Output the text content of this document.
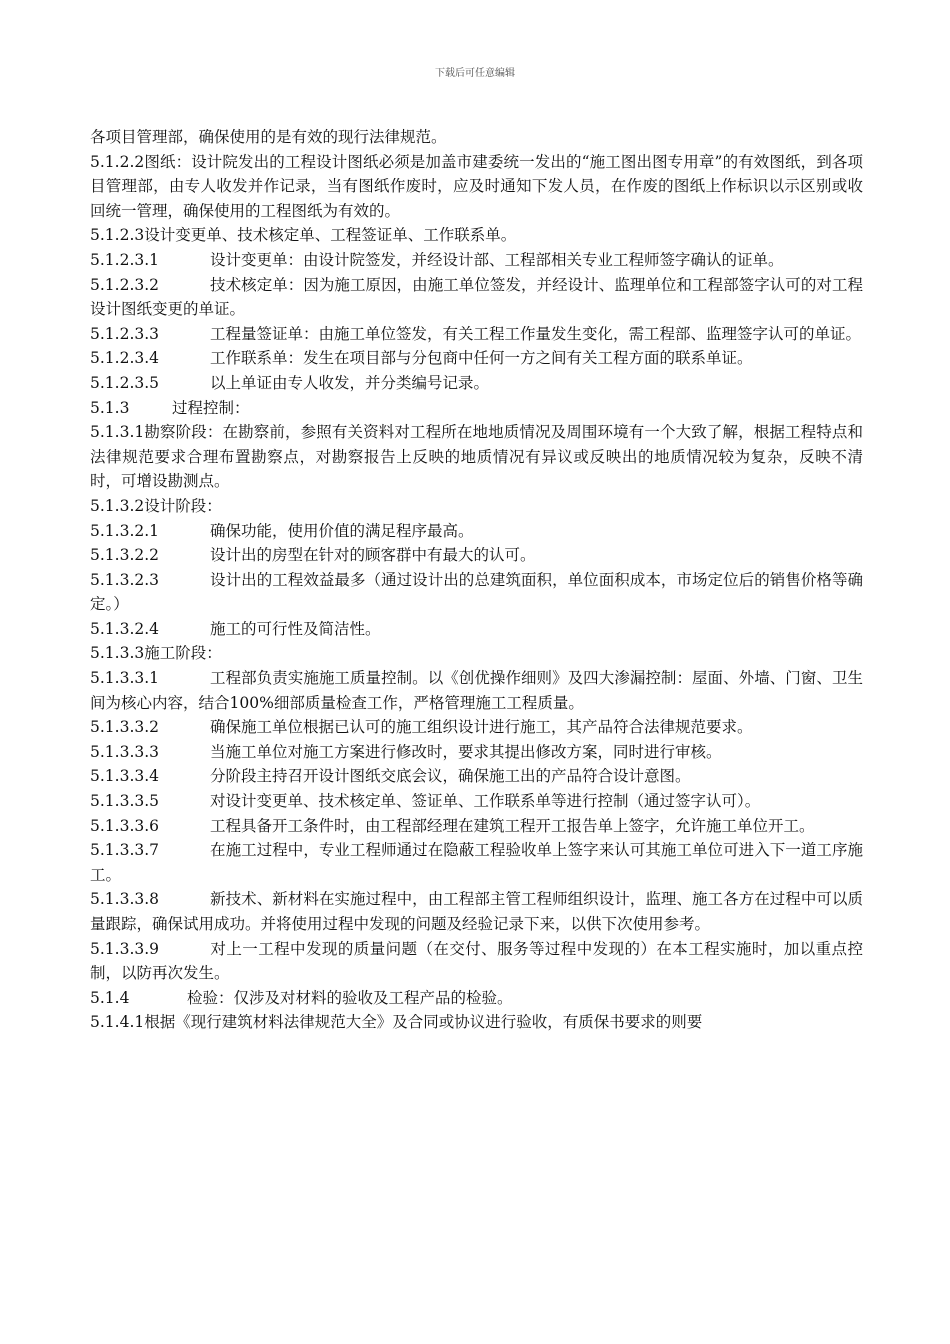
下载后可任意编辑

各项目管理部，确保使用的是有效的现行法律规范。

5.1.2.2图纸：设计院发出的工程设计图纸必须是加盖市建委统一发出的“施工图出图专用章”的有效图纸，到各项目管理部，由专人收发并作记录，当有图纸作废时，应及时通知下发人员，在作废的图纸上作标识以示区别或收回统一管理，确保使用的工程图纸为有效的。

5.1.2.3设计变更单、技术核定单、工程签证单、工作联系单。

5.1.2.3.1	设计变更单：由设计院签发，并经设计部、工程部相关专业工程师签字确认的证单。

5.1.2.3.2	技术核定单：因为施工原因，由施工单位签发，并经设计、监理单位和工程部签字认可的对工程设计图纸变更的单证。

5.1.2.3.3	工程量签证单：由施工单位签发，有关工程工作量发生变化，需工程部、监理签字认可的单证。

5.1.2.3.4	工作联系单：发生在项目部与分包商中任何一方之间有关工程方面的联系单证。

5.1.2.3.5	以上单证由专人收发，并分类编号记录。

5.1.3	过程控制：

5.1.3.1勘察阶段：在勘察前，参照有关资料对工程所在地地质情况及周围环境有一个大致了解，根据工程特点和法律规范要求合理布置勘察点，对勘察报告上反映的地质情况有异议或反映出的地质情况较为复杂，反映不清时，可增设勘测点。

5.1.3.2设计阶段：

5.1.3.2.1	确保功能，使用价值的满足程序最高。

5.1.3.2.2	设计出的房型在针对的顾客群中有最大的认可。

5.1.3.2.3	设计出的工程效益最多（通过设计出的总建筑面积，单位面积成本，市场定位后的销售价格等确定。）

5.1.3.2.4	施工的可行性及简洁性。

5.1.3.3施工阶段：

5.1.3.3.1	工程部负责实施施工质量控制。以《创优操作细则》及四大渗漏控制：屋面、外墙、门窗、卫生间为核心内容，结合100%细部质量检查工作，严格管理施工工程质量。

5.1.3.3.2	确保施工单位根据已认可的施工组织设计进行施工，其产品符合法律规范要求。

5.1.3.3.3	当施工单位对施工方案进行修改时，要求其提出修改方案，同时进行审核。

5.1.3.3.4	分阶段主持召开设计图纸交底会议，确保施工出的产品符合设计意图。

5.1.3.3.5	对设计变更单、技术核定单、签证单、工作联系单等进行控制（通过签字认可）。

5.1.3.3.6	工程具备开工条件时，由工程部经理在建筑工程开工报告单上签字，允许施工单位开工。

5.1.3.3.7	在施工过程中，专业工程师通过在隐蔽工程验收单上签字来认可其施工单位可进入下一道工序施工。

5.1.3.3.8	新技术、新材料在实施过程中，由工程部主管工程师组织设计，监理、施工各方在过程中可以质量跟踪，确保试用成功。并将使用过程中发现的问题及经验记录下来，以供下次使用参考。

5.1.3.3.9	对上一工程中发现的质量问题（在交付、服务等过程中发现的）在本工程实施时，加以重点控制，以防再次发生。

5.1.4	检验：仅涉及对材料的验收及工程产品的检验。

5.1.4.1根据《现行建筑材料法律规范大全》及合同或协议进行验收，有质保书要求的则要
